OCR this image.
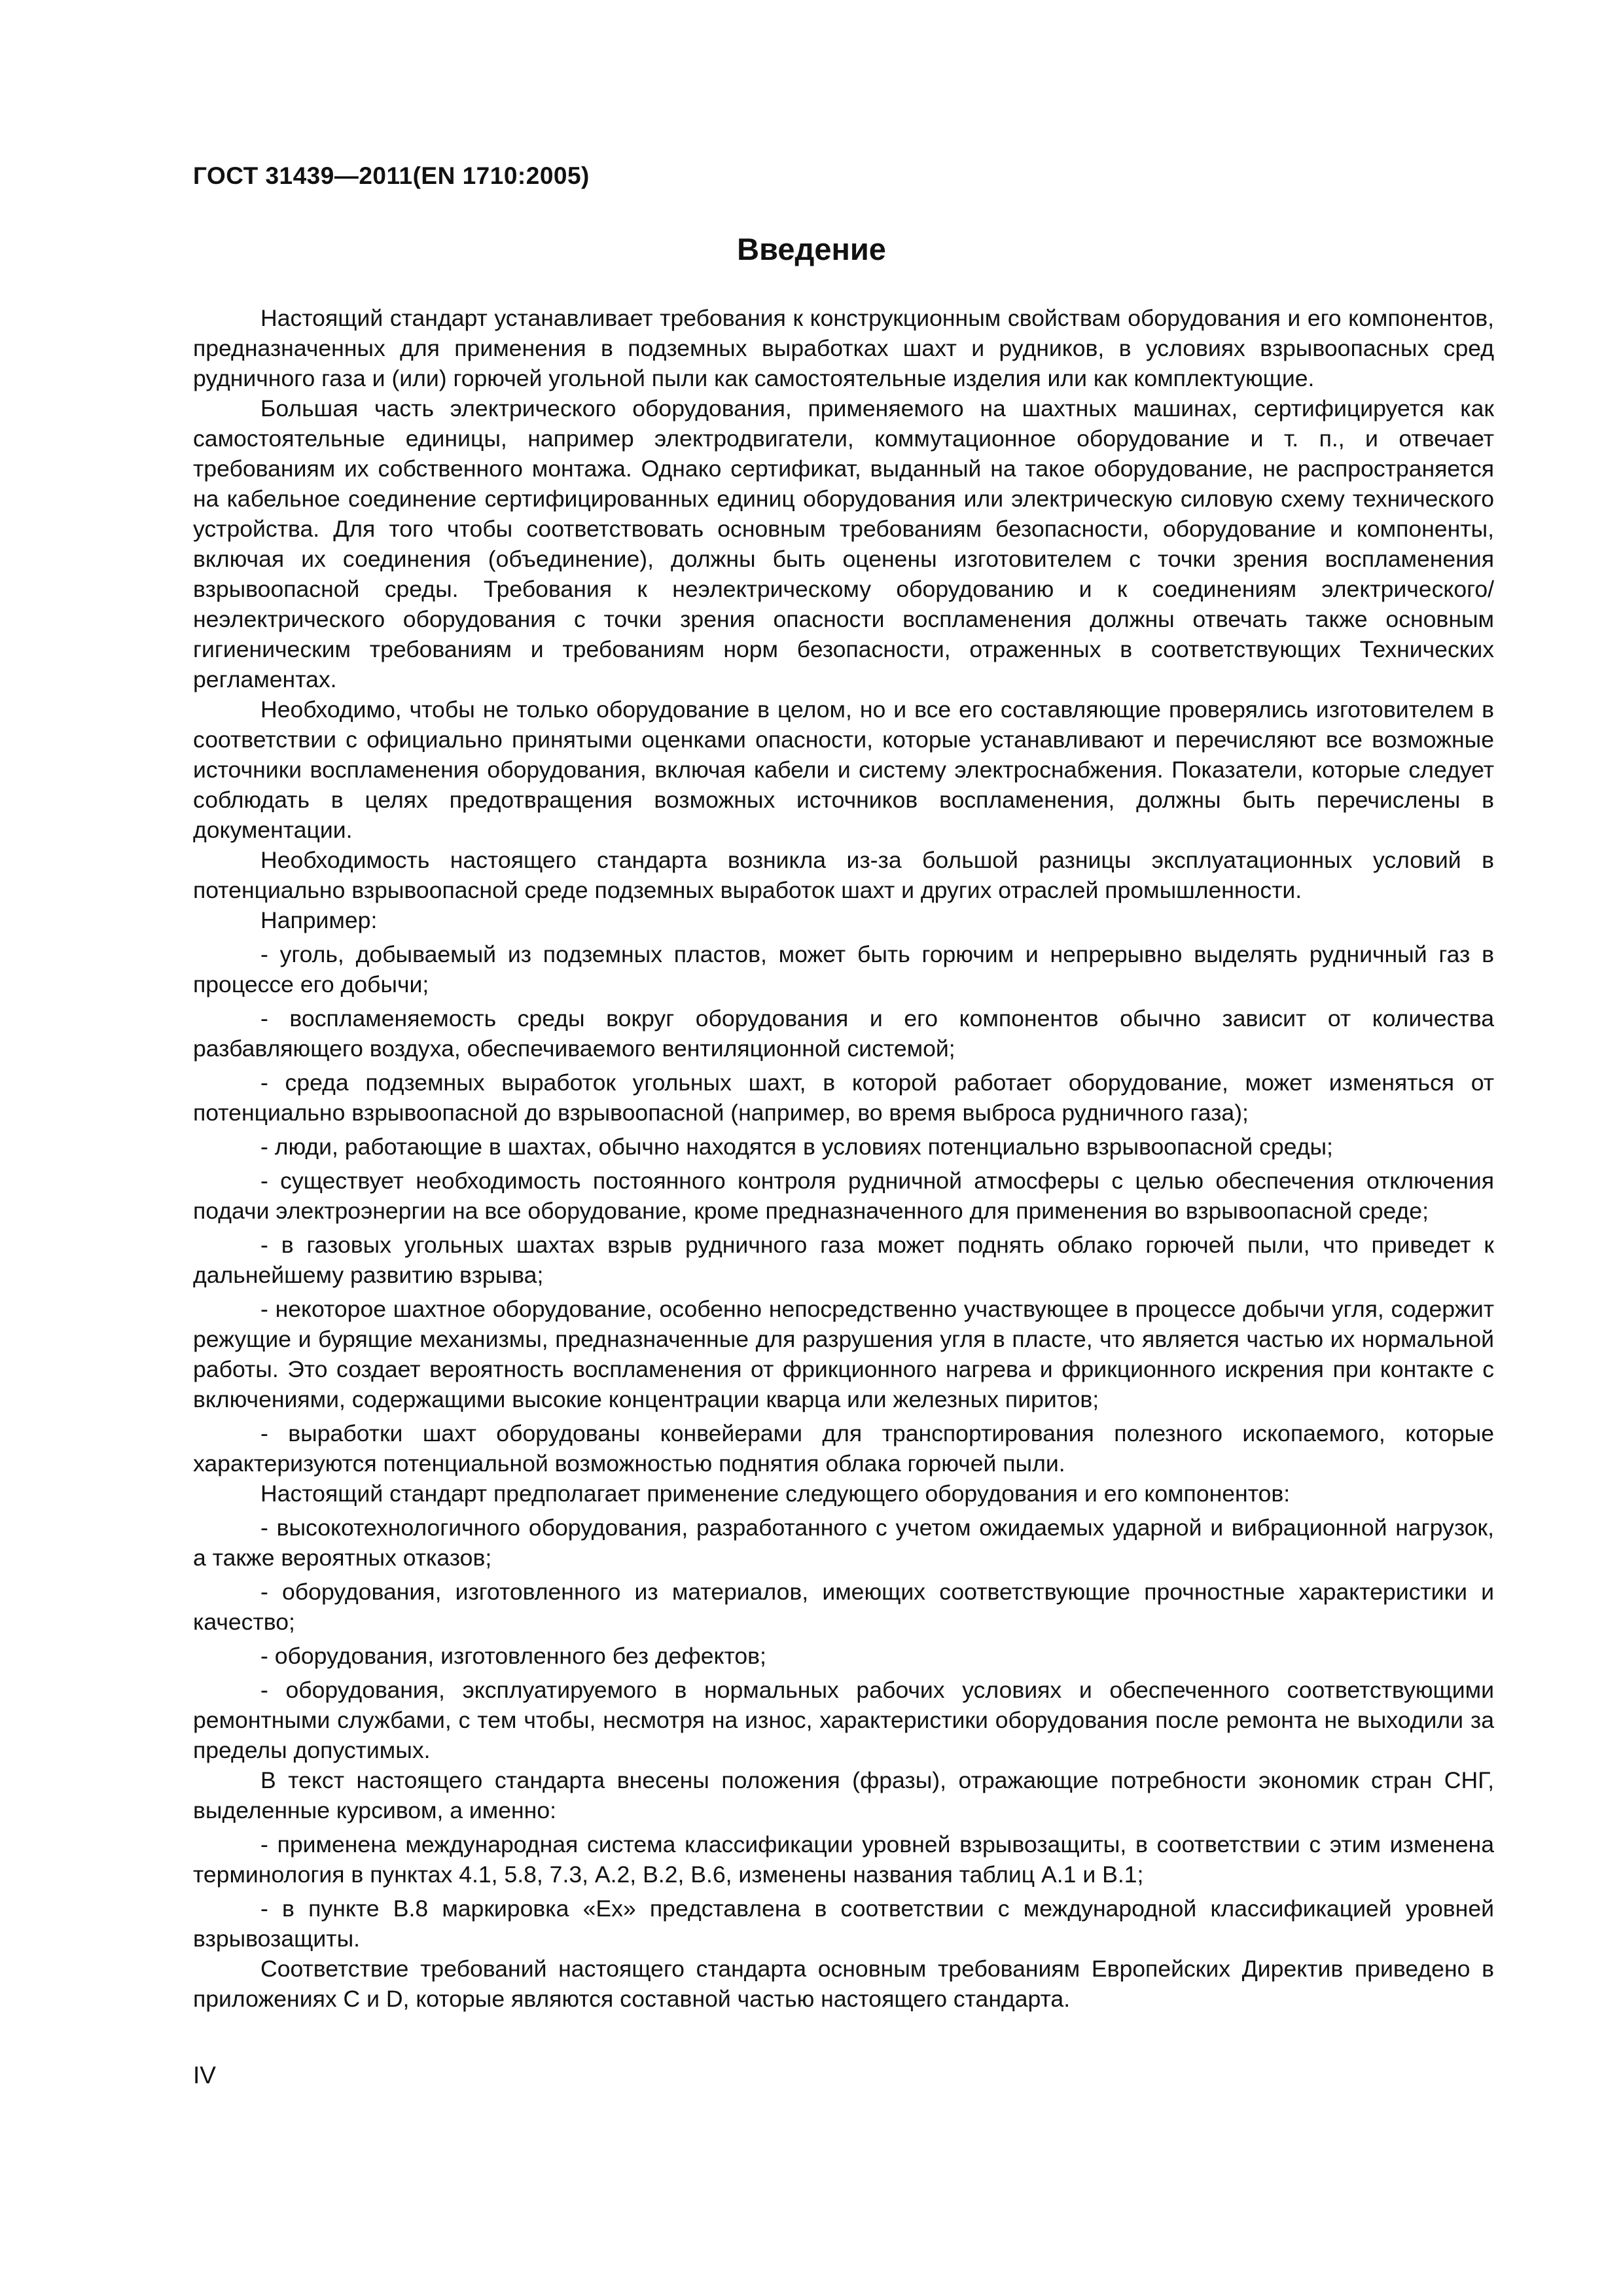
ГОСТ 31439—2011(EN 1710:2005)
Введение

Настоящий стандарт устанавливает требования к конструкционным свойствам оборудования и его компонентов, предназначенных для применения в подземных выработках шахт и рудников, в условиях взрывоопасных сред рудничного газа и (или) горючей угольной пыли как самостоятельные изделия или как комплектующие.

Большая часть электрического оборудования, применяемого на шахтных машинах, сертифицируется как самостоятельные единицы, например электродвигатели, коммутационное оборудование и т. п., и отвечает требованиям их собственного монтажа. Однако сертификат, выданный на такое оборудование, не распространяется на кабельное соединение сертифицированных единиц оборудования или электрическую силовую схему технического устройства. Для того чтобы соответствовать основным требованиям безопасности, оборудование и компоненты, включая их соединения (объединение), должны быть оценены изготовителем с точки зрения воспламенения взрывоопасной среды. Требования к неэлектрическому оборудованию и к соединениям электрического/неэлектрического оборудования с точки зрения опасности воспламенения должны отвечать также основным гигиеническим требованиям и требованиям норм безопасности, отраженных в соответствующих Технических регламентах.

Необходимо, чтобы не только оборудование в целом, но и все его составляющие проверялись изготовителем в соответствии с официально принятыми оценками опасности, которые устанавливают и перечисляют все возможные источники воспламенения оборудования, включая кабели и систему электроснабжения. Показатели, которые следует соблюдать в целях предотвращения возможных источников воспламенения, должны быть перечислены в документации.

Необходимость настоящего стандарта возникла из-за большой разницы эксплуатационных условий в потенциально взрывоопасной среде подземных выработок шахт и других отраслей промышленности.

Например:

- уголь, добываемый из подземных пластов, может быть горючим и непрерывно выделять рудничный газ в процессе его добычи;

- воспламеняемость среды вокруг оборудования и его компонентов обычно зависит от количества разбавляющего воздуха, обеспечиваемого вентиляционной системой;

- среда подземных выработок угольных шахт, в которой работает оборудование, может изменяться от потенциально взрывоопасной до взрывоопасной (например, во время выброса рудничного газа);

- люди, работающие в шахтах, обычно находятся в условиях потенциально взрывоопасной среды;

- существует необходимость постоянного контроля рудничной атмосферы с целью обеспечения отключения подачи электроэнергии на все оборудование, кроме предназначенного для применения во взрывоопасной среде;

- в газовых угольных шахтах взрыв рудничного газа может поднять облако горючей пыли, что приведет к дальнейшему развитию взрыва;

- некоторое шахтное оборудование, особенно непосредственно участвующее в процессе добычи угля, содержит режущие и бурящие механизмы, предназначенные для разрушения угля в пласте, что является частью их нормальной работы. Это создает вероятность воспламенения от фрикционного нагрева и фрикционного искрения при контакте с включениями, содержащими высокие концентрации кварца или железных пиритов;

- выработки шахт оборудованы конвейерами для транспортирования полезного ископаемого, которые характеризуются потенциальной возможностью поднятия облака горючей пыли.

Настоящий стандарт предполагает применение следующего оборудования и его компонентов:

- высокотехнологичного оборудования, разработанного с учетом ожидаемых ударной и вибрационной нагрузок, а также вероятных отказов;

- оборудования, изготовленного из материалов, имеющих соответствующие прочностные характеристики и качество;

- оборудования, изготовленного без дефектов;

- оборудования, эксплуатируемого в нормальных рабочих условиях и обеспеченного соответствующими ремонтными службами, с тем чтобы, несмотря на износ, характеристики оборудования после ремонта не выходили за пределы допустимых.

В текст настоящего стандарта внесены положения (фразы), отражающие потребности экономик стран СНГ, выделенные курсивом, а именно:

- применена международная система классификации уровней взрывозащиты, в соответствии с этим изменена терминология в пунктах 4.1, 5.8, 7.3, А.2, В.2, В.6, изменены названия таблиц А.1 и В.1;

- в пункте В.8 маркировка «Ex» представлена в соответствии с международной классификацией уровней взрывозащиты.

Соответствие требований настоящего стандарта основным требованиям Европейских Директив приведено в приложениях С и D, которые являются составной частью настоящего стандарта.

IV
